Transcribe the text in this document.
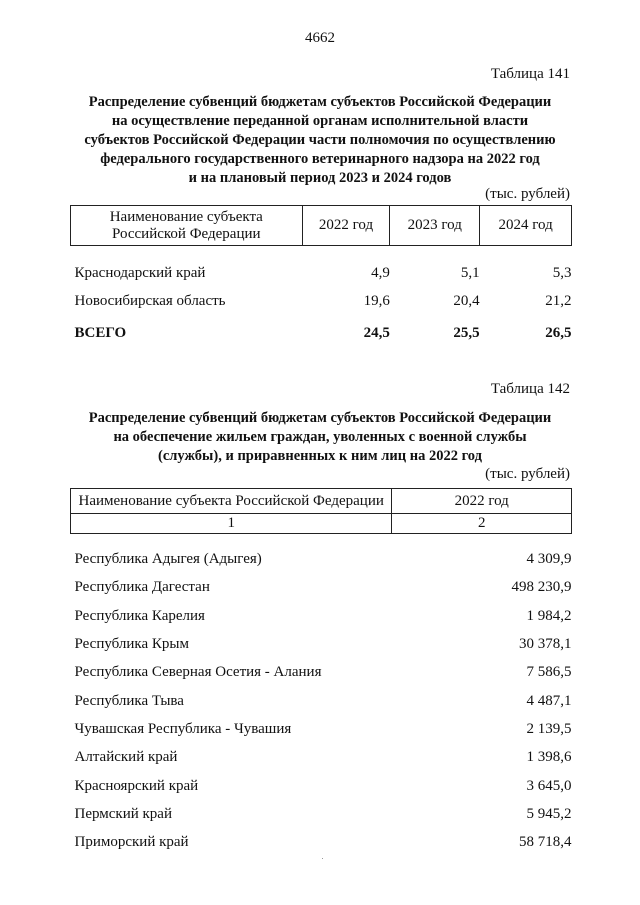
4662
Таблица 141
Распределение субвенций бюджетам субъектов Российской Федерации
на осуществление переданной органам исполнительной власти
субъектов Российской Федерации части полномочия по осуществлению
федерального государственного ветеринарного надзора на 2022 год
и на плановый период 2023 и 2024 годов
(тыс. рублей)
Наименование субъекта Российской Федерации	2022 год	2023 год	2024 год

Краснодарский край	4,9	5,1	5,3
Новосибирская область	19,6	20,4	21,2
ВСЕГО	24,5	25,5	26,5
Таблица 142
Распределение субвенций бюджетам субъектов Российской Федерации
на обеспечение жильем граждан, уволенных с военной службы
(службы), и приравненных к ним лиц на 2022 год
(тыс. рублей)
Наименование субъекта Российской Федерации	2022 год
1	2

Республика Адыгея (Адыгея)	4 309,9
Республика Дагестан	498 230,9
Республика Карелия	1 984,2
Республика Крым	30 378,1
Республика Северная Осетия - Алания	7 586,5
Республика Тыва	4 487,1
Чувашская Республика - Чувашия	2 139,5
Алтайский край	1 398,6
Красноярский край	3 645,0
Пермский край	5 945,2
Приморский край	58 718,4
